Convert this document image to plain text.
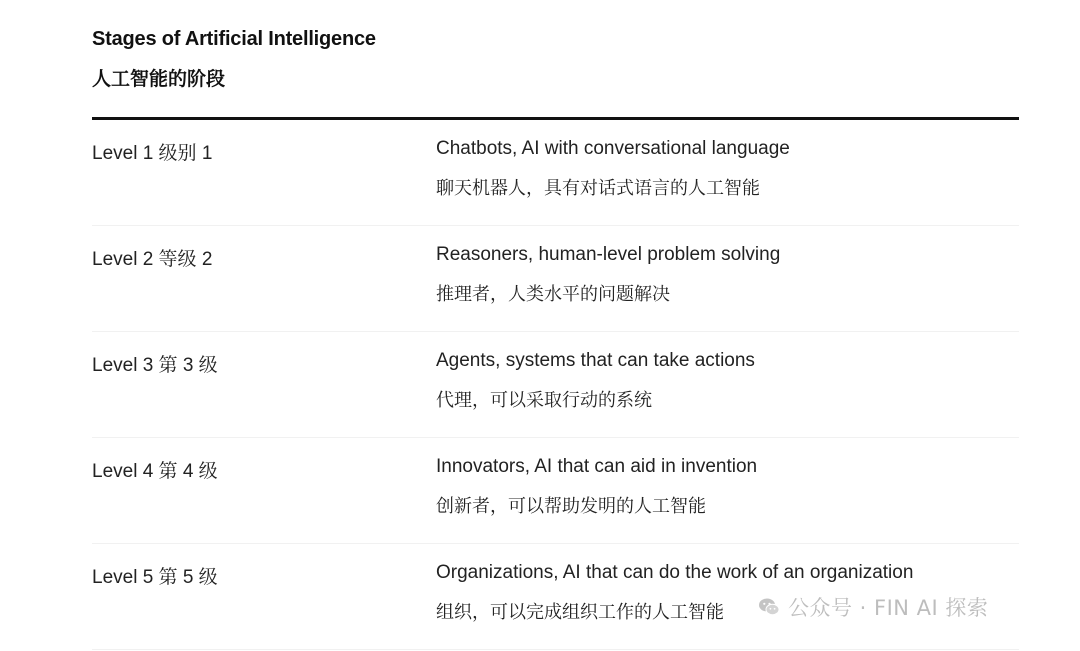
Stages of Artificial Intelligence
人工智能的阶段
Level 1 级别 1	Chatbots, AI with conversational language
聊天机器人，具有对话式语言的人工智能
Level 2 等级 2	Reasoners, human-level problem solving
推理者，人类水平的问题解决
Level 3 第 3 级	Agents, systems that can take actions
代理，可以采取行动的系统
Level 4 第 4 级	Innovators, AI that can aid in invention
创新者，可以帮助发明的人工智能
Level 5 第 5 级	Organizations, AI that can do the work of an organization
组织，可以完成组织工作的人工智能	公众号 · FIN AI 探索
